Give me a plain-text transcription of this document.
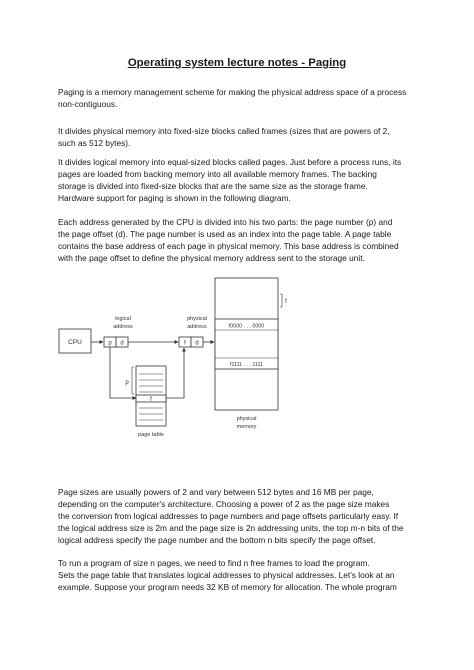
Operating system lecture notes - Paging

Paging is a memory management scheme for making the physical address space of a process
non-contiguous.

It divides physical memory into fixed-size blocks called frames (sizes that are powers of 2,
such as 512 bytes).

It divides logical memory into equal-sized blocks called pages. Just before a process runs, its
pages are loaded from backing memory into all available memory frames. The backing
storage is divided into fixed-size blocks that are the same size as the storage frame.
Hardware support for paging is shown in the following diagram.

Each address generated by the CPU is divided into his two parts: the page number (p) and
the page offset (d). The page number is used as an index into the page table. A page table
contains the base address of each page in physical memory. This base address is combined
with the page offset to define the physical memory address sent to the storage unit.

CPU
logical
address
p d
f
p
page table
physical
address
f d
f0000 . . . 0000
f1111 . . . 1111
f
physical
memory

Page sizes are usually powers of 2 and vary between 512 bytes and 16 MB per page,
depending on the computer's architecture. Choosing a power of 2 as the page size makes
the conversion from logical addresses to page numbers and page offsets particularly easy. If
the logical address size is 2m and the page size is 2n addressing units, the top m-n bits of the
logical address specify the page number and the bottom n bits specify the page offset.

To run a program of size n pages, we need to find n free frames to load the program.
Sets the page table that translates logical addresses to physical addresses. Let's look at an
example. Suppose your program needs 32 KB of memory for allocation. The whole program
